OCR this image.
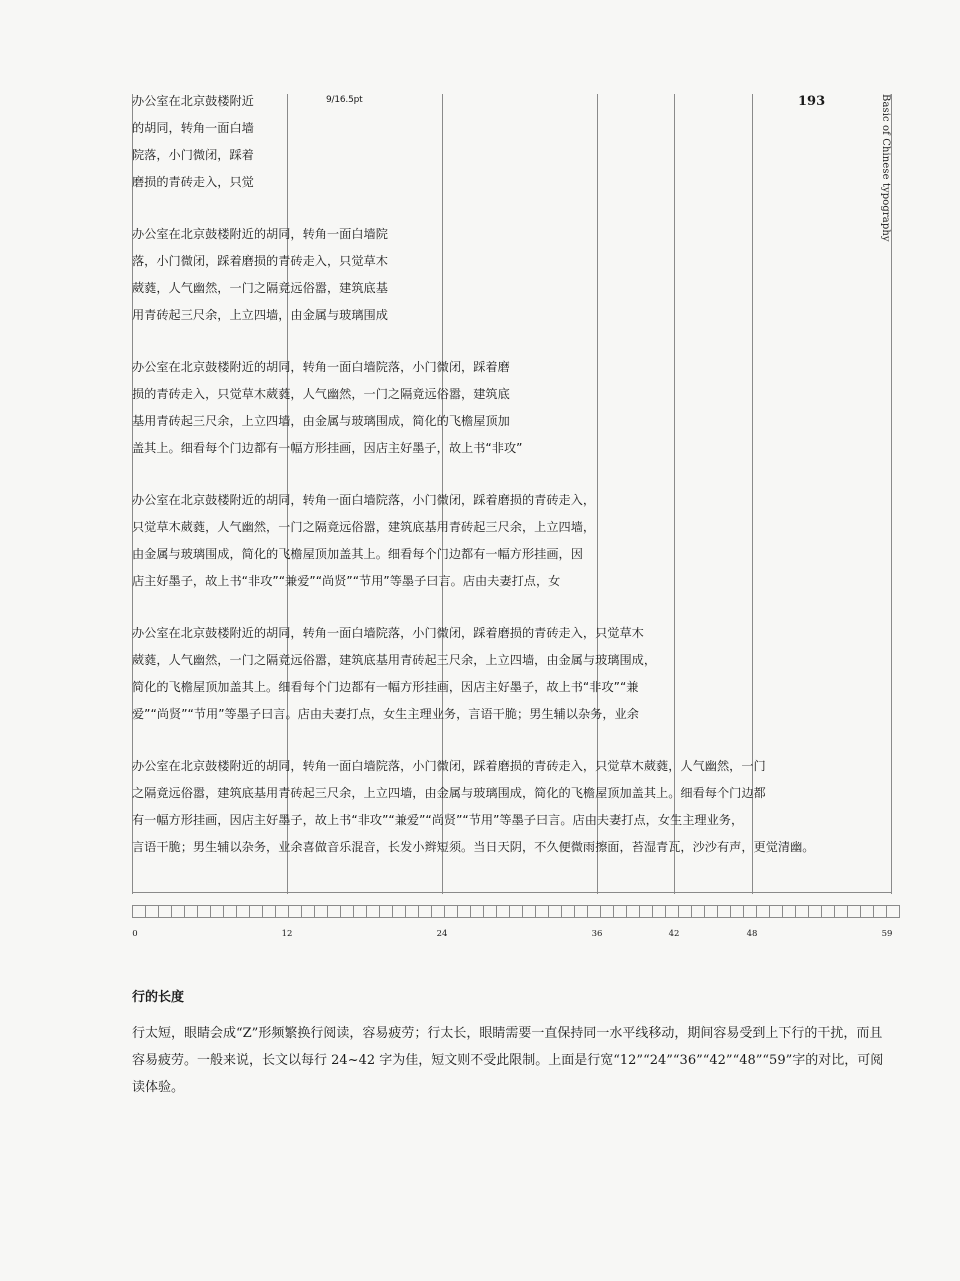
9/16.5pt	193	Basic of Chinese typography
办公室在北京鼓楼附近
的胡同，转角一面白墙
院落，小门微闭，踩着
磨损的青砖走入，只觉
办公室在北京鼓楼附近的胡同，转角一面白墙院
落，小门微闭，踩着磨损的青砖走入，只觉草木
葳蕤，人气幽然，一门之隔竟远俗嚣，建筑底基
用青砖起三尺余，上立四墙，由金属与玻璃围成
办公室在北京鼓楼附近的胡同，转角一面白墙院落，小门微闭，踩着磨
损的青砖走入，只觉草木葳蕤，人气幽然，一门之隔竟远俗嚣，建筑底
基用青砖起三尺余，上立四墙，由金属与玻璃围成，简化的飞檐屋顶加
盖其上。细看每个门边都有一幅方形挂画，因店主好墨子，故上书“非攻”
办公室在北京鼓楼附近的胡同，转角一面白墙院落，小门微闭，踩着磨损的青砖走入，
只觉草木葳蕤，人气幽然，一门之隔竟远俗嚣，建筑底基用青砖起三尺余，上立四墙，
由金属与玻璃围成，简化的飞檐屋顶加盖其上。细看每个门边都有一幅方形挂画，因
店主好墨子，故上书“非攻”“兼爱”“尚贤”“节用”等墨子曰言。店由夫妻打点，女
办公室在北京鼓楼附近的胡同，转角一面白墙院落，小门微闭，踩着磨损的青砖走入，只觉草木
葳蕤，人气幽然，一门之隔竟远俗嚣，建筑底基用青砖起三尺余，上立四墙，由金属与玻璃围成，
简化的飞檐屋顶加盖其上。细看每个门边都有一幅方形挂画，因店主好墨子，故上书“非攻”“兼
爱”“尚贤”“节用”等墨子曰言。店由夫妻打点，女生主理业务，言语干脆；男生辅以杂务，业余
办公室在北京鼓楼附近的胡同，转角一面白墙院落，小门微闭，踩着磨损的青砖走入，只觉草木葳蕤，人气幽然，一门
之隔竟远俗嚣，建筑底基用青砖起三尺余，上立四墙，由金属与玻璃围成，简化的飞檐屋顶加盖其上。细看每个门边都
有一幅方形挂画，因店主好墨子，故上书“非攻”“兼爱”“尚贤”“节用”等墨子曰言。店由夫妻打点，女生主理业务，
言语干脆；男生辅以杂务，业余喜做音乐混音，长发小辫短须。当日天阴，不久便微雨擦面，苔湿青瓦，沙沙有声，更觉清幽。
0	12	24	36	42	48	59
行的长度

行太短，眼睛会成“Z”形频繁换行阅读，容易疲劳；行太长，眼睛需要一直保持同一水平线移动，期间容易受到上下行的干扰，而且容易疲劳。一般来说，长文以每行 24~42 字为佳，短文则不受此限制。上面是行宽“12”“24”“36”“42”“48”“59”字的对比，可阅读体验。
